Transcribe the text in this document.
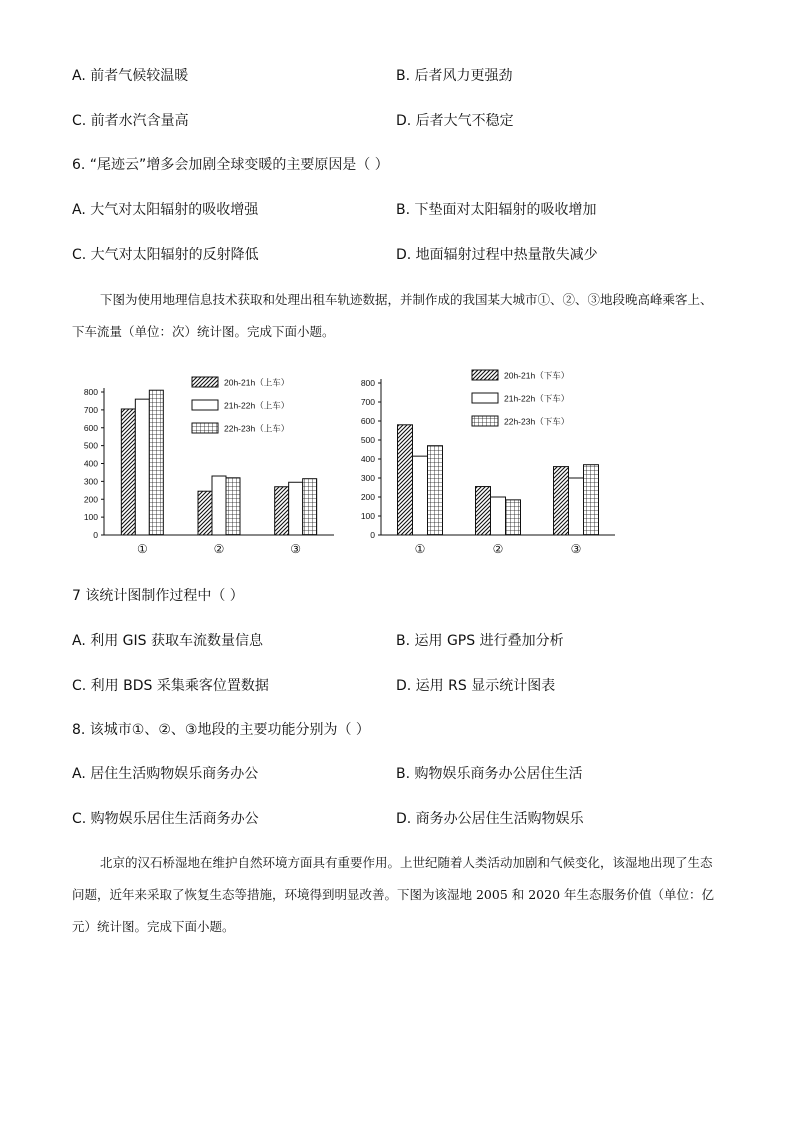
A. 前者气候较温暖	B. 后者风力更强劲
C. 前者水汽含量高	D. 后者大气不稳定
6. “尾迹云”增多会加剧全球变暖的主要原因是（ ）
A. 大气对太阳辐射的吸收增强	B. 下垫面对太阳辐射的吸收增加
C. 大气对太阳辐射的反射降低	D. 地面辐射过程中热量散失减少

下图为使用地理信息技术获取和处理出租车轨迹数据，并制作成的我国某大城市①、②、③地段晚高峰乘客上、下车流量（单位：次）统计图。完成下面小题。

0
100
200
300
400
500
600
700
800
①	②	③
20h-21h（上车）
21h-22h（上车）
22h-23h（上车）
0
100
200
300
400
500
600
700
800
①	②	③
20h-21h（下车）
21h-22h（下车）
22h-23h（下车）
7 该统计图制作过程中（ ）
A. 利用 GIS 获取车流数量信息	B. 运用 GPS 进行叠加分析
C. 利用 BDS 采集乘客位置数据	D. 运用 RS 显示统计图表
8. 该城市①、②、③地段的主要功能分别为（ ）
A. 居住生活购物娱乐商务办公	B. 购物娱乐商务办公居住生活
C. 购物娱乐居住生活商务办公	D. 商务办公居住生活购物娱乐

北京的汉石桥湿地在维护自然环境方面具有重要作用。上世纪随着人类活动加剧和气候变化，该湿地出现了生态问题，近年来采取了恢复生态等措施，环境得到明显改善。下图为该湿地 2005 和 2020 年生态服务价值（单位：亿元）统计图。完成下面小题。
